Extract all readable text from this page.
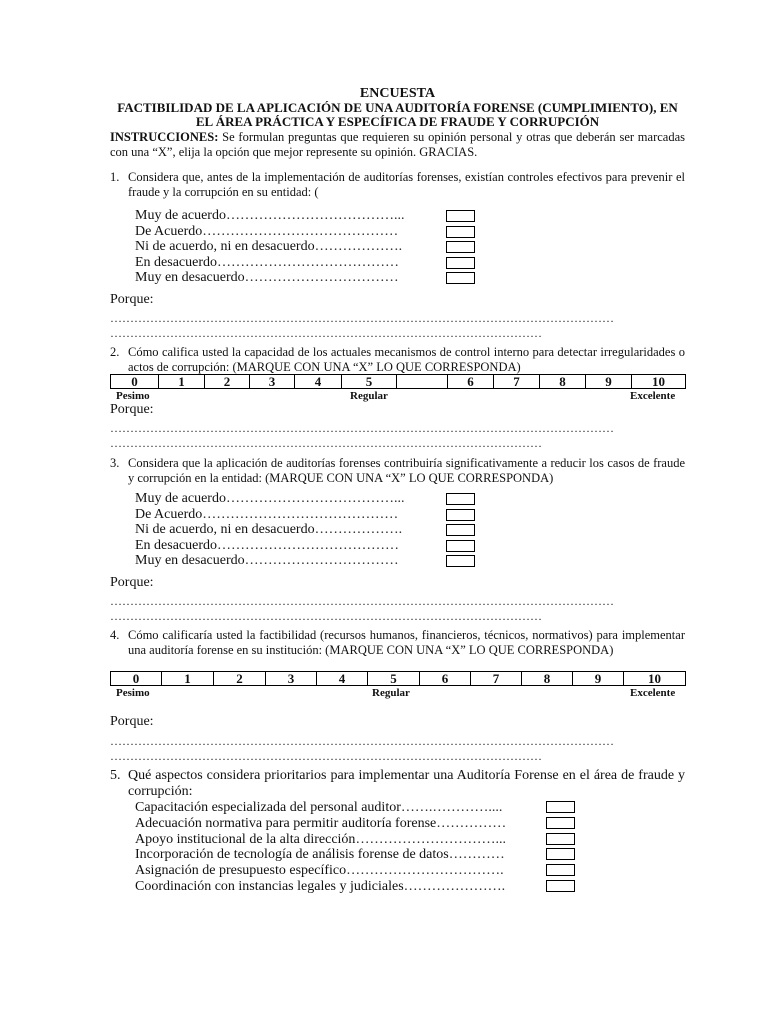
ENCUESTA
FACTIBILIDAD DE LA APLICACIÓN DE UNA AUDITORÍA FORENSE (CUMPLIMIENTO), EN EL ÁREA PRÁCTICA Y ESPECÍFICA DE FRAUDE Y CORRUPCIÓN
INSTRUCCIONES: Se formulan preguntas que requieren su opinión personal y otras que deberán ser marcadas con una “X”, elija la opción que mejor represente su opinión. GRACIAS.
1. Considera que, antes de la implementación de auditorías forenses, existían controles efectivos para prevenir el fraude y la corrupción en su entidad: (
Muy de acuerdo………………………………...
De Acuerdo……………………………………
Ni de acuerdo, ni en desacuerdo……………….
En desacuerdo…………………………………
Muy en desacuerdo……………………………
Porque:
………………………………………………………………………………………………………………
………………………………………………………………………………………………
2. Cómo califica usted la capacidad de los actuales mecanismos de control interno para detectar irregularidades o actos de corrupción: (MARQUE CON UNA “X” LO QUE CORRESPONDA)
0	1	2	3	4	5		6	7	8	9	10
Pesimo	Regular	Excelente
Porque:
………………………………………………………………………………………………………………
………………………………………………………………………………………………
3. Considera que la aplicación de auditorías forenses contribuiría significativamente a reducir los casos de fraude y corrupción en la entidad: (MARQUE CON UNA “X” LO QUE CORRESPONDA)
Muy de acuerdo………………………………...
De Acuerdo……………………………………
Ni de acuerdo, ni en desacuerdo……………….
En desacuerdo…………………………………
Muy en desacuerdo……………………………
Porque:
………………………………………………………………………………………………………………
………………………………………………………………………………………………
4. Cómo calificaría usted la factibilidad (recursos humanos, financieros, técnicos, normativos) para implementar una auditoría forense en su institución: (MARQUE CON UNA “X” LO QUE CORRESPONDA)
0	1	2	3	4	5	6	7	8	9	10
Pesimo	Regular	Excelente
Porque:
………………………………………………………………………………………………………………
………………………………………………………………………………………………
5. Qué aspectos considera prioritarios para implementar una Auditoría Forense en el área de fraude y corrupción:
Capacitación especializada del personal auditor…….…………....
Adecuación normativa para permitir auditoría forense……………
Apoyo institucional de la alta dirección…………………………...
Incorporación de tecnología de análisis forense de datos…………
Asignación de presupuesto específico…………………………….
Coordinación con instancias legales y judiciales………………….
